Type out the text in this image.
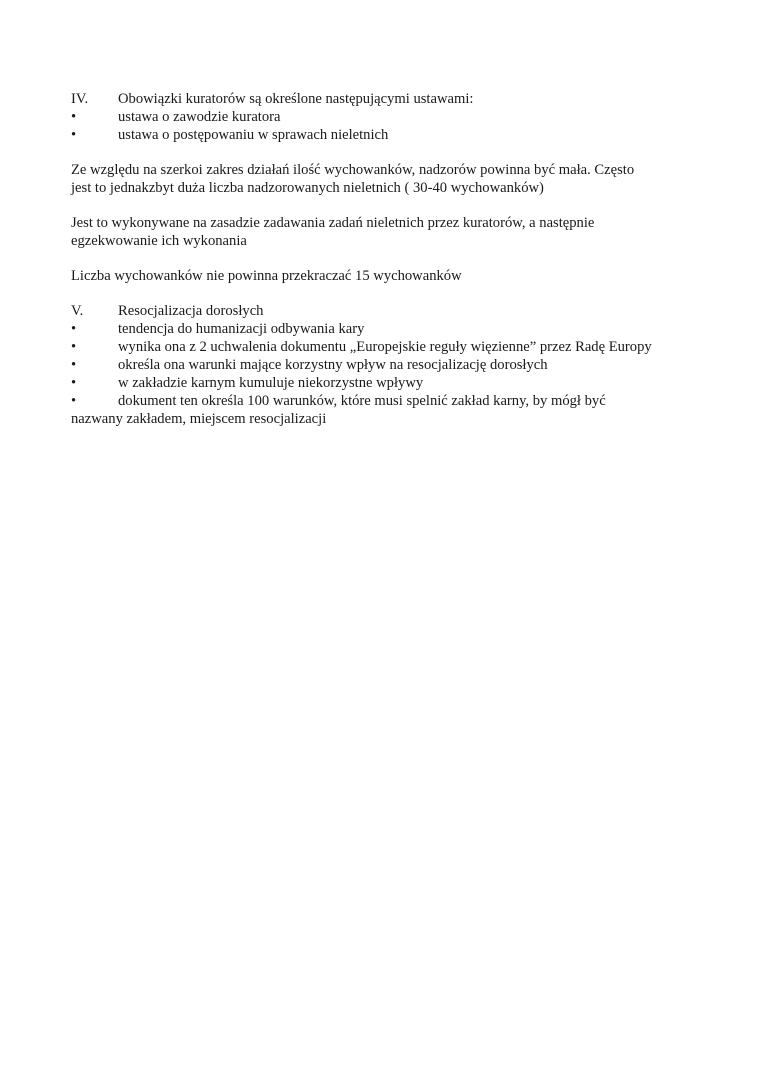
IV.	Obowiązki kuratorów są określone następującymi ustawami:
•	ustawa o zawodzie kuratora
•	ustawa o postępowaniu w sprawach nieletnich
Ze względu na szerkoi zakres działań ilość wychowanków, nadzorów powinna być mała. Często
jest to jednakzbyt duża liczba nadzorowanych nieletnich ( 30-40 wychowanków)
Jest to wykonywane na zasadzie zadawania zadań nieletnich przez kuratorów, a następnie
egzekwowanie ich wykonania
Liczba wychowanków nie powinna przekraczać 15 wychowanków
V.	Resocjalizacja dorosłych
•	tendencja do humanizacji odbywania kary
•	wynika ona z 2 uchwalenia dokumentu „Europejskie reguły więzienne” przez Radę Europy
•	określa ona warunki mające korzystny wpływ na resocjalizację dorosłych
•	w zakładzie karnym kumuluje niekorzystne wpływy
•	dokument ten określa 100 warunków, które musi spelnić zakład karny, by mógł być
nazwany zakładem, miejscem resocjalizacji
